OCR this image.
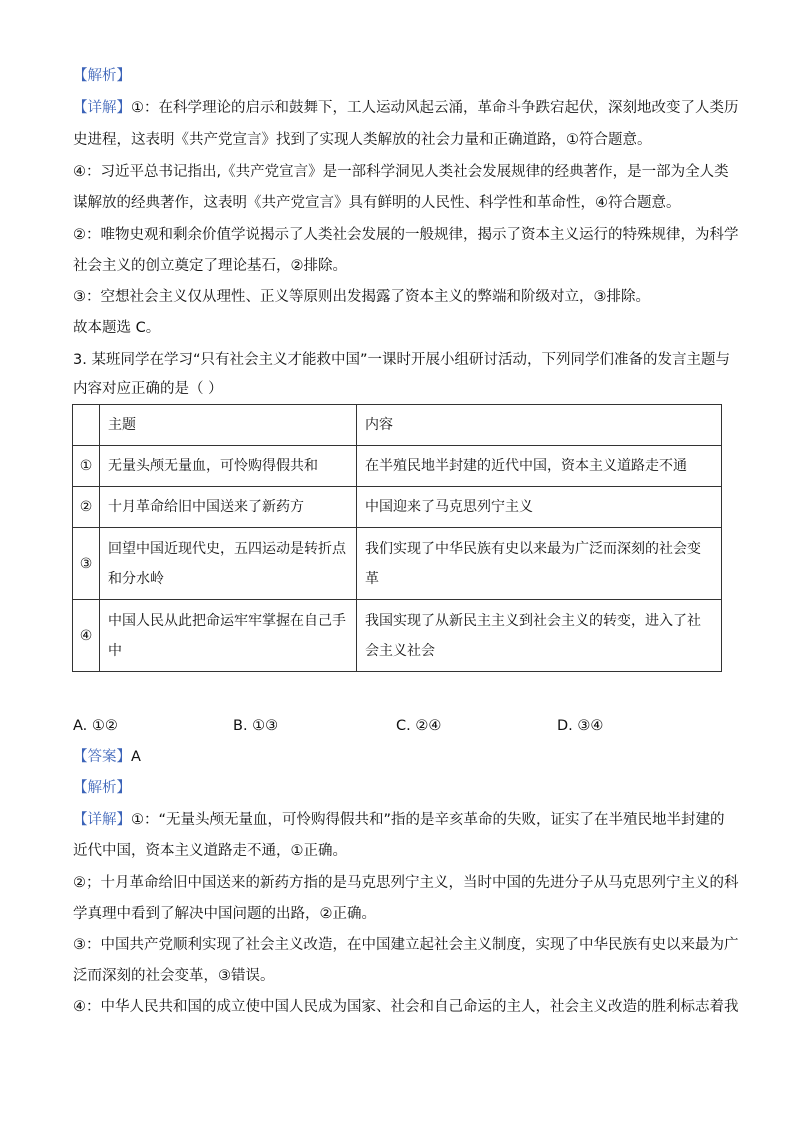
【解析】
【详解】①：在科学理论的启示和鼓舞下，工人运动风起云涌，革命斗争跌宕起伏，深刻地改变了人类历
史进程，这表明《共产党宣言》找到了实现人类解放的社会力量和正确道路，①符合题意。
④：习近平总书记指出,《共产党宣言》是一部科学洞见人类社会发展规律的经典著作，是一部为全人类
谋解放的经典著作，这表明《共产党宣言》具有鲜明的人民性、科学性和革命性，④符合题意。
②：唯物史观和剩余价值学说揭示了人类社会发展的一般规律，揭示了资本主义运行的特殊规律，为科学
社会主义的创立奠定了理论基石，②排除。
③：空想社会主义仅从理性、正义等原则出发揭露了资本主义的弊端和阶级对立，③排除。
故本题选 C。
3. 某班同学在学习“只有社会主义才能救中国”一课时开展小组研讨活动，下列同学们准备的发言主题与
内容对应正确的是（ ）
	主题	内容
①	无量头颅无量血，可怜购得假共和	在半殖民地半封建的近代中国，资本主义道路走不通
②	十月革命给旧中国送来了新药方	中国迎来了马克思列宁主义
③	回望中国近现代史，五四运动是转折点和分水岭	我们实现了中华民族有史以来最为广泛而深刻的社会变革
④	中国人民从此把命运牢牢掌握在自己手中	我国实现了从新民主主义到社会主义的转变，进入了社会主义社会
A. ①②	B. ①③	C. ②④	D. ③④
【答案】A
【解析】
【详解】①：“无量头颅无量血，可怜购得假共和”指的是辛亥革命的失败，证实了在半殖民地半封建的
近代中国，资本主义道路走不通，①正确。
②；十月革命给旧中国送来的新药方指的是马克思列宁主义，当时中国的先进分子从马克思列宁主义的科
学真理中看到了解决中国问题的出路，②正确。
③：中国共产党顺利实现了社会主义改造，在中国建立起社会主义制度，实现了中华民族有史以来最为广
泛而深刻的社会变革，③错误。
④：中华人民共和国的成立使中国人民成为国家、社会和自己命运的主人，社会主义改造的胜利标志着我
